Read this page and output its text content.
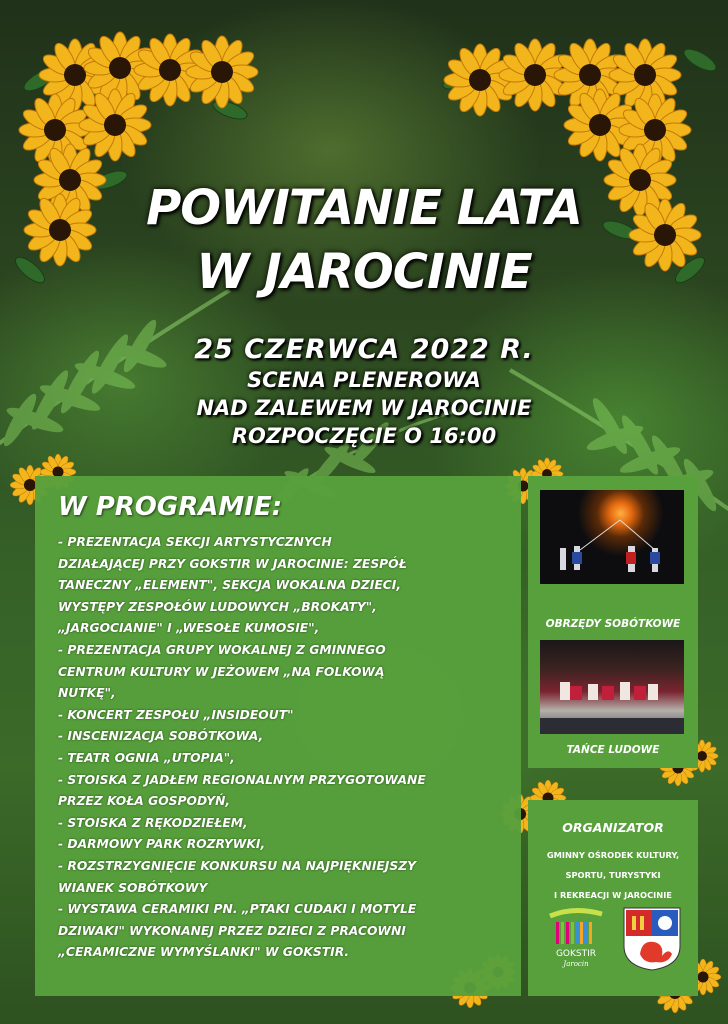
POWITANIE LATA
W JAROCINIE
25 CZERWCA 2022 R.
SCENA PLENEROWA
NAD ZALEWEM W JAROCINIE
ROZPOCZĘCIE O 16:00
W PROGRAMIE:
- PREZENTACJA SEKCJI ARTYSTYCZNYCH
DZIAŁAJĄCEJ PRZY GOKSTIR W JAROCINIE: ZESPÓŁ
TANECZNY „ELEMENT", SEKCJA WOKALNA DZIECI,
WYSTĘPY ZESPOŁÓW LUDOWYCH „BROKATY",
„JARGOCIANIE" I „WESOŁE KUMOSIE",
- PREZENTACJA GRUPY WOKALNEJ Z GMINNEGO
CENTRUM KULTURY W JEŻOWEM „NA FOLKOWĄ
NUTKĘ",
- KONCERT ZESPOŁU „INSIDEOUT"
- INSCENIZACJA SOBÓTKOWA,
- TEATR OGNIA „UTOPIA",
- STOISKA Z JADŁEM REGIONALNYM PRZYGOTOWANE
PRZEZ KOŁA GOSPODYŃ,
- STOISKA Z RĘKODZIEŁEM,
- DARMOWY PARK ROZRYWKI,
- ROZSTRZYGNIĘCIE KONKURSU NA NAJPIĘKNIEJSZY
WIANEK SOBÓTKOWY
- WYSTAWA CERAMIKI PN. „PTAKI CUDAKI I MOTYLE
DZIWAKI" WYKONANEJ PRZEZ DZIECI Z PRACOWNI
„CERAMICZNE WYMYŚLANKI" W GOKSTIR.
OBRZĘDY SOBÓTKOWE
TAŃCE LUDOWE
ORGANIZATOR
GMINNY OŚRODEK KULTURY,
SPORTU, TURYSTYKI
I REKREACJI W JAROCINIE
GOKSTIR
Jarocin
